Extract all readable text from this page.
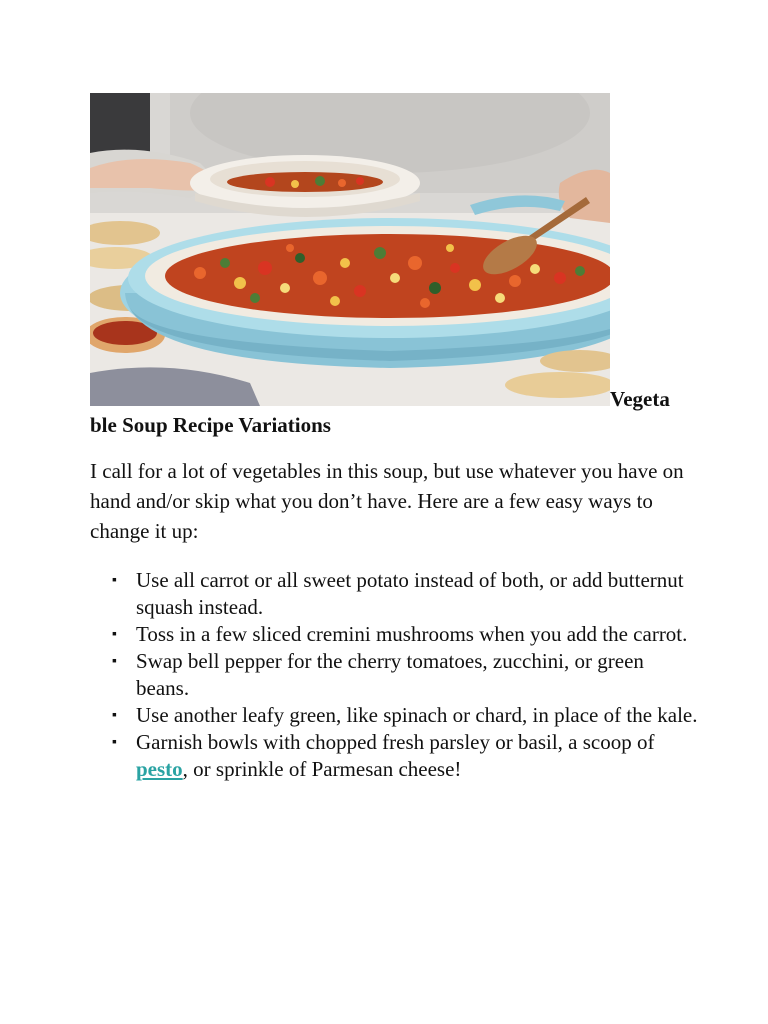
Vegeta
ble Soup Recipe Variations

I call for a lot of vegetables in this soup, but use whatever you have on hand and/or skip what you don’t have. Here are a few easy ways to change it up:

▪ Use all carrot or all sweet potato instead of both, or add butternut squash instead.
▪ Toss in a few sliced cremini mushrooms when you add the carrot.
▪ Swap bell pepper for the cherry tomatoes, zucchini, or green beans.
▪ Use another leafy green, like spinach or chard, in place of the kale.
▪ Garnish bowls with chopped fresh parsley or basil, a scoop of pesto, or sprinkle of Parmesan cheese!
